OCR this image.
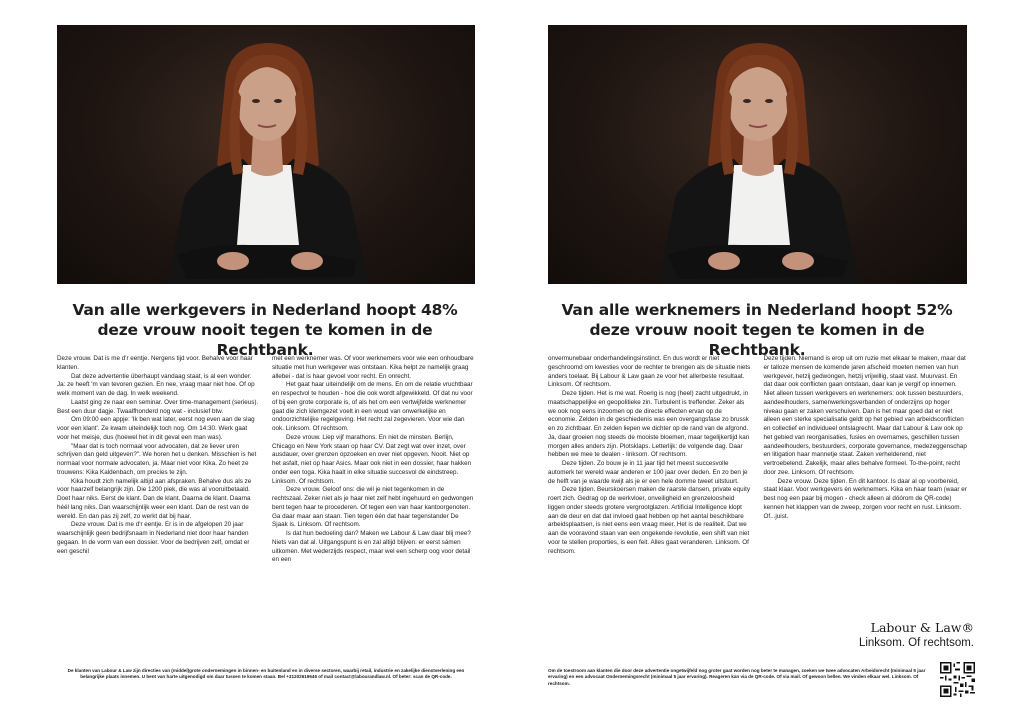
Van alle werkgevers in Nederland hoopt 48% deze vrouw nooit tegen te komen in de Rechtbank.

Deze vrouw. Dat is me d'r eentje. Nergens tijd voor. Behalve voor haar klanten.

Dat deze advertentie überhaupt vandaag staat, is al een wonder. Ja: ze heeft 'm van tevoren gezien. En nee, vraag maar niet hoe. Of op welk moment van de dag. In welk weekend.

Laatst ging ze naar een seminar. Over time-management (serieus). Best een duur dagje. Twaalfhonderd nog wat - inclusief btw.

Om 09:00 een appje: 'Ik ben wat later, eerst nog even aan de slag voor een klant'. Ze kwam uiteindelijk toch nog. Om 14:30. Werk gaat voor het meisje, dus (hoewel het in dit geval een man was).

"Maar dat is toch normaal voor advocaten, dat ze liever uren schrijven dan geld uitgeven?". We horen het u denken. Misschien is het normaal voor normale advocaten, ja. Maar niet voor Kika. Zo heet ze trouwens: Kika Kaldenbach, om precies te zijn.

Kika houdt zich namelijk altijd aan afspraken. Behalve dus als ze voor haarzelf belangrijk zijn. Die 1200 piek, die was al vooruitbetaald. Doet haar niks. Eerst de klant. Dan de klant. Daarna de klant. Daarna héél lang niks. Dan waarschijnlijk weer een klant. Dan de rest van de wereld. En dan pas zij zelf, zo werkt dat bij haar.

Deze vrouw. Dat is me d'r eentje. Er is in de afgelopen 20 jaar waarschijnlijk geen bedrijfsnaam in Nederland niet door haar handen gegaan. In de vorm van een dossier. Voor de bedrijven zelf, omdat er een geschil

met een werknemer was. Of voor werknemers voor wie een onhoudbare situatie met hun werkgever was ontstaan. Kika helpt ze namelijk graag allebei - dat is haar gevoel voor recht. En onrecht.

Het gaat haar uiteindelijk om de mens. En om de relatie vruchtbaar en respectvol te houden - hoe die ook wordt afgewikkeld. Of dat nu voor of bij een grote corporate is, of als het om een vertwijfelde werknemer gaat die zich klemgezet voelt in een woud van onwerkelijke en ondoorzichtelijke regelgeving. Het recht zal zegevieren. Voor wie dan ook. Linksom. Of rechtsom.

Deze vrouw. Liep vijf marathons. En niet de minsten. Berlijn, Chicago en New York staan op haar CV. Dat zegt wat over inzet, over ausdauer, over grenzen opzoeken en over niet opgeven. Nooit. Niet op het asfalt, niet op haar Asics. Maar ook niet in een dossier, haar hakken onder een toga. Kika haalt in elke situatie succesvol de eindstreep. Linksom. Of rechtsom.

Deze vrouw. Geloof ons: die wil je niet tegenkomen in de rechtszaal. Zeker niet als je haar niet zelf hebt ingehuurd en gedwongen bent tegen haar te procederen. Of tegen een van haar kantoorgenoten. Ga daar maar aan staan. Tien tegen één dat haar tegenstander De Sjaak is. Linksom. Of rechtsom.

Is dat hun bedoeling dan? Maken we Labour & Law daar blij mee? Niets van dat al. Uitgangspunt is en zal altijd blijven: er eerst sámen uitkomen. Met wederzijds respect, maar wel een scherp oog voor detail en een

De klanten van Labour & Law zijn directies van (middel)grote ondernemingen in binnen- en buitenland en in diverse sectoren, waarbij retail, industrie en zakelijke dienstverlening een belangrijke plaats innemen. U bent van harte uitgenodigd om daar tussen te komen staan. Bel +31202619646 of mail contact@labourandlaw.nl. Of beter: scan de QR-code.
Van alle werknemers in Nederland hoopt 52% deze vrouw nooit tegen te komen in de Rechtbank.

onvermurwbaar onderhandelingsinstinct. En dus wordt er niet geschroomd om kwesties voor de rechter te brengen als de situatie niets anders toelaat. Bij Labour & Law gaan ze voor het allerbeste resultaat. Linksom. Of rechtsom.

Deze tijden. Het is me wat. Roerig is nog (heel) zacht uitgedrukt, in maatschappelijke en geopolitieke zin. Turbulent is treffender. Zeker als we ook nog eens inzoomen op de directe effecten ervan op de economie. Zelden in de geschiedenis was een overgangsfase zo brussk en zo zichtbaar. En zelden liepen we dichter op de rand van de afgrond. Ja, daar groeien nog steeds de mooiste bloemen, maar tegelijkertijd kan morgen alles anders zijn. Plotsklaps. Letterlijk: de volgende dag. Daar hebben we mee te dealen - linksom. Of rechtsom.

Deze tijden. Zo bouw je in 11 jaar tijd het meest succesvolle automerk ter wereld waar anderen er 100 jaar over deden. En zo ben je de helft van je waarde kwijt als je er een hele domme tweet uitstuurt.

Deze tijden. Beurskoersen maken de raarste dansen, private equity roert zich. Gedrag op de werkvloer, onveiligheid en grenzeloosheid liggen onder steeds grotere vergrootglazen. Artificial Intelligence klopt aan de deur en dat dat invloed gaat hebben op het aantal beschikbare arbeidsplaatsen, is niet eens een vraag meer. Het is de realiteit. Dat we aan de vooravond staan van een ongekende revolutie, een shift van niet voor te stellen proporties, is een feit. Alles gaat veranderen. Linksom. Of rechtsom.

Deze tijden. Niemand is erop uit om ruzie met elkaar te maken, maar dat er talloze mensen de komende jaren afscheid moeten nemen van hun werkgever, hetzij gedwongen, hetzij vrijwillig, staat vast. Muurvast. En dat daar ook conflicten gaan ontstaan, daar kan je vergif op innemen. Niet alleen tussen werkgevers en werknemers: ook tussen bestuurders, aandeelhouders, samenwerkingsverbanden of onderzijns op hoger niveau gaan er zaken verschuiven. Dan is het maar goed dat er niet alleen een sterke specialisatie geldt op het gebied van arbeidsconflicten en collectief en individueel ontslagrecht. Maar dat Labour & Law ook op het gebied van reorganisaties, fusies en overnames, geschillen tussen aandeelhouders, bestuurders, corporate governance, medezeggenschap en litigation haar mannetje staat. Zaken verhelderend, niet vertroebelend. Zakelijk, maar alles behalve formeel. To-the-point, recht door zee. Linksom. Of rechtsom.

Deze vrouw. Deze tijden. En dit kantoor. Is daar al op voorbereid, staat klaar. Voor werkgevers én werknemers. Kika en haar team (waar er best nog een paar bij mogen - check alleen al dóórom de QR-code) kennen het klappen van de zweep, zorgen voor recht en rust. Linksom. Of...juist.

Labour & Law®
Linksom. Of rechtsom.
Om de toestroom aan klanten die door deze advertentie ongetwijfeld nog groter gaat worden nog beter te managen, zoeken we twee advocaten Arbeidsrecht (minimaal 5 jaar ervaring) en een advocaat Ondernemingsrecht (minimaal 5 jaar ervaring). Reageren kan via de QR-code. Of via mail. Of gewoon bellen. We vinden elkaar wel. Linksom. Of rechtsom.
